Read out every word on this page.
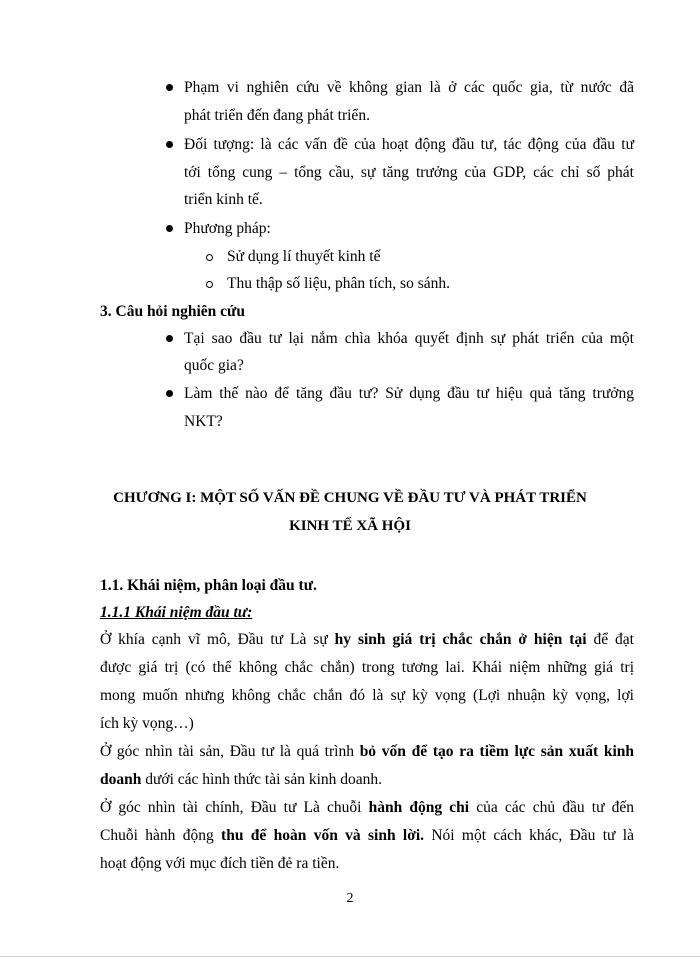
Phạm vi nghiên cứu về không gian là ở các quốc gia, từ nước đã
phát triển đến đang phát triển.
Đối tượng: là các vấn đề của hoạt động đầu tư, tác động của đầu tư
tới tổng cung – tổng cầu, sự tăng trưởng của GDP, các chỉ số phát
triển kinh tế.
Phương pháp:
Sử dụng lí thuyết kinh tế
Thu thập số liệu, phân tích, so sánh.
3. Câu hỏi nghiên cứu
Tại sao đầu tư lại nắm chìa khóa quyết định sự phát triển của một
quốc gia?
Làm thế nào để tăng đầu tư? Sử dụng đầu tư hiệu quả tăng trưởng
NKT?
CHƯƠNG I: MỘT SỐ VẤN ĐỀ CHUNG VỀ ĐẦU TƯ VÀ PHÁT TRIỂN
KINH TẾ XÃ HỘI
1.1. Khái niệm, phân loại đầu tư.
1.1.1 Khái niệm đầu tư:
Ở khía cạnh vĩ mô, Đầu tư Là sự hy sinh giá trị chắc chắn ở hiện tại để đạt
được giá trị (có thể không chắc chắn) trong tương lai. Khái niệm những giá trị
mong muốn nhưng không chắc chắn đó là sự kỳ vọng (Lợi nhuận kỳ vọng, lợi
ích kỳ vọng…)
Ở góc nhìn tài sản, Đầu tư là quá trình bỏ vốn để tạo ra tiềm lực sản xuất kinh
doanh dưới các hình thức tài sản kinh doanh.
Ở góc nhìn tài chính, Đầu tư Là chuỗi hành động chi của các chủ đầu tư đến
Chuỗi hành động thu để hoàn vốn và sinh lời. Nói một cách khác, Đầu tư là
hoạt động với mục đích tiền đẻ ra tiền.
2
